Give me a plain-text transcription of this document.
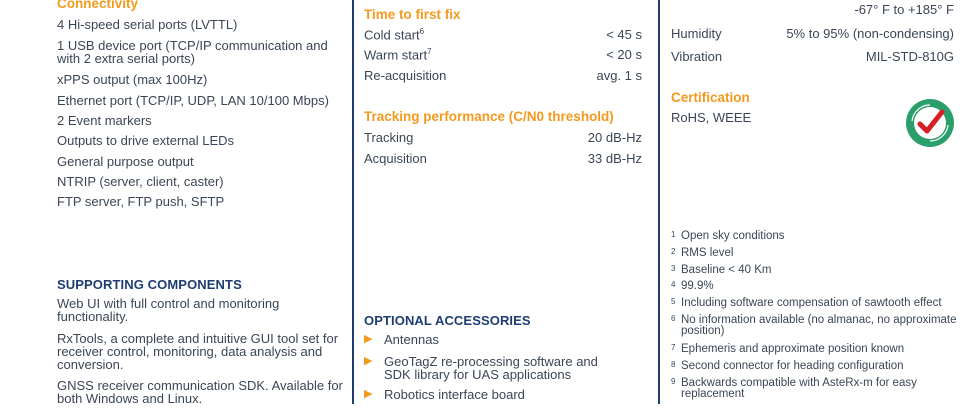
Connectivity
4 Hi-speed serial ports (LVTTL)
1 USB device port (TCP/IP communication and with 2 extra serial ports)
xPPS output (max 100Hz)
Ethernet port (TCP/IP, UDP, LAN 10/100 Mbps)
2 Event markers
Outputs to drive external LEDs
General purpose output
NTRIP (server, client, caster)
FTP server, FTP push, SFTP
SUPPORTING COMPONENTS
Web UI with full control and monitoring functionality.
RxTools, a complete and intuitive GUI tool set for receiver control, monitoring, data analysis and conversion.
GNSS receiver communication SDK. Available for both Windows and Linux.
Time to first fix
Cold start$^6$	< 45 s
Warm start$^7$	< 20 s
Re-acquisition	avg. 1 s
Tracking performance (C/N0 threshold)
Tracking	20 dB-Hz
Acquisition	33 dB-Hz
OPTIONAL ACCESSORIES
▶ Antennas
▶ GeoTagZ re-processing software and SDK library for UAS applications
▶ Robotics interface board
-67° F to +185° F
Humidity	5% to 95% (non-condensing)
Vibration	MIL-STD-810G
Certification
RoHS, WEEE
1 Open sky conditions
2 RMS level
3 Baseline < 40 Km
4 99.9%
5 Including software compensation of sawtooth effect
6 No information available (no almanac, no approximate position)
7 Ephemeris and approximate position known
8 Second connector for heading configuration
9 Backwards compatible with AsteRx-m for easy replacement
